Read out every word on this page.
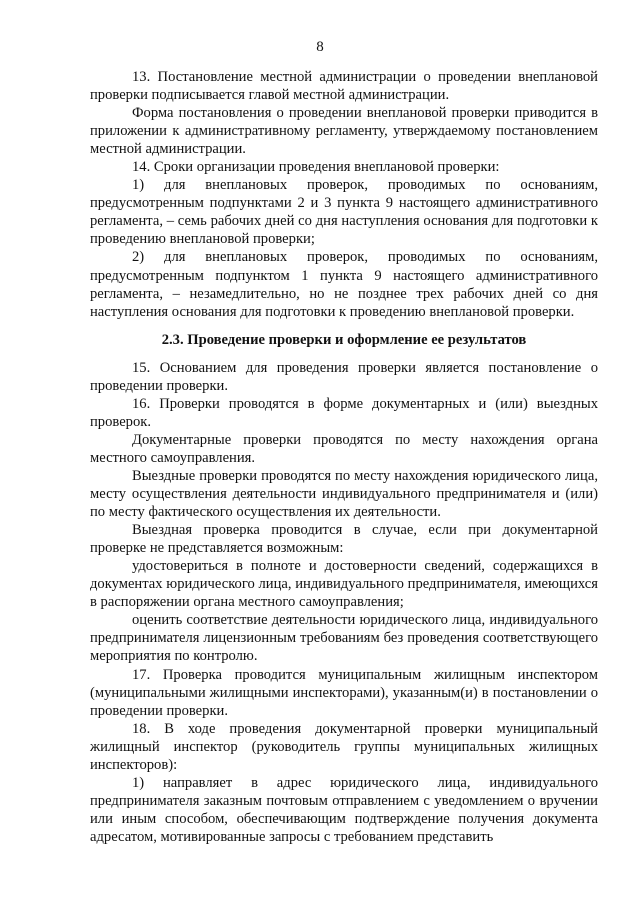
8

13. Постановление местной администрации о проведении внеплановой проверки подписывается главой местной администрации.

Форма постановления о проведении внеплановой проверки приводится в приложении к административному регламенту, утверждаемому постановлением местной администрации.

14. Сроки организации проведения внеплановой проверки:

1) для внеплановых проверок, проводимых по основаниям, предусмотренным подпунктами 2 и 3 пункта 9 настоящего административного регламента, – семь рабочих дней со дня наступления основания для подготовки к проведению внеплановой проверки;

2) для внеплановых проверок, проводимых по основаниям, предусмотренным подпунктом 1 пункта 9 настоящего административного регламента, – незамедлительно, но не позднее трех рабочих дней со дня наступления основания для подготовки к проведению внеплановой проверки.

2.3. Проведение проверки и оформление ее результатов

15. Основанием для проведения проверки является постановление о проведении проверки.

16. Проверки проводятся в форме документарных и (или) выездных проверок.

Документарные проверки проводятся по месту нахождения органа местного самоуправления.

Выездные проверки проводятся по месту нахождения юридического лица, месту осуществления деятельности индивидуального предпринимателя и (или) по месту фактического осуществления их деятельности.

Выездная проверка проводится в случае, если при документарной проверке не представляется возможным:

удостовериться в полноте и достоверности сведений, содержащихся в документах юридического лица, индивидуального предпринимателя, имеющихся в распоряжении органа местного самоуправления;

оценить соответствие деятельности юридического лица, индивидуального предпринимателя лицензионным требованиям без проведения соответствующего мероприятия по контролю.

17. Проверка проводится муниципальным жилищным инспектором (муниципальными жилищными инспекторами), указанным(и) в постановлении о проведении проверки.

18. В ходе проведения документарной проверки муниципальный жилищный инспектор (руководитель группы муниципальных жилищных инспекторов):

1) направляет в адрес юридического лица, индивидуального предпринимателя заказным почтовым отправлением с уведомлением о вручении или иным способом, обеспечивающим подтверждение получения документа адресатом, мотивированные запросы с требованием представить
